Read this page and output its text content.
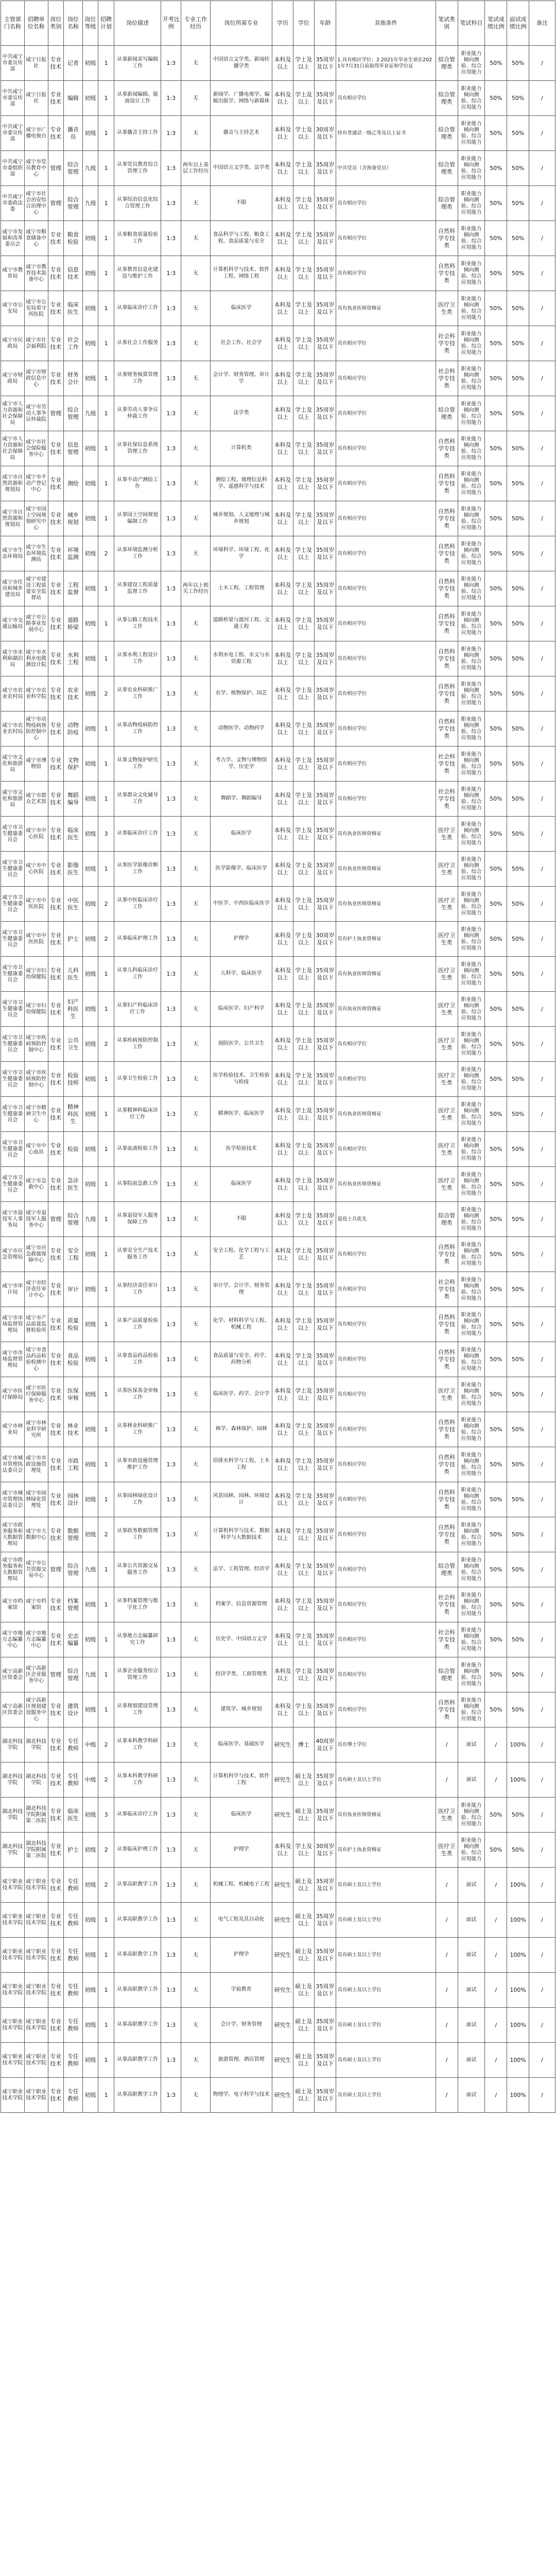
主管部门名称	招聘单位名称	岗位类别	岗位名称	岗位等级	招聘计划	岗位描述	开考比例	专业工作经历	岗位所需专业	学历	学位	年龄	其他条件	笔试类别	笔试科目	笔试成绩比例	面试成绩比例	备注
中共咸宁市委宣传部	咸宁日报社	专业技术	记者	初级	1	从事新闻采写编辑工作	1:3	无	中国语言文学类、新闻传播学类	本科及以上	学士及以上	35周岁及以下	1.具有相应学位；2.2021年毕业生须在2021年7月31日前取得毕业证和学位证	综合管理类	职业能力倾向测验、综合应用能力	50%	50%	/
中共咸宁市委宣传部	咸宁日报社	专业技术	编辑	初级	1	从事新闻编辑、版面设计工作	1:3	无	新闻学、广播电视学、编辑出版学、网络与新媒体	本科及以上	学士及以上	35周岁及以下	具有相应学位	综合管理类	职业能力倾向测验、综合应用能力	50%	50%	/
中共咸宁市委宣传部	咸宁市广播电视台	专业技术	播音员	初级	1	从事播音主持工作	1:3	无	播音与主持艺术	本科及以上	学士及以上	30周岁及以下	持有普通话一级乙等及以上证书	综合管理类	职业能力倾向测验、综合应用能力	50%	50%	/
中共咸宁市委组织部	咸宁市党员教育中心	管理	综合管理	九级	1	从事党员教育综合管理工作	1:3	两年以上基层工作经历	中国语言文学类、法学类	本科及以上	学士及以上	35周岁及以下	中共党员（含预备党员）	综合管理类	职业能力倾向测验、综合应用能力	50%	50%	/
中共咸宁市委政法委	咸宁市社会治安综合治理中心	管理	综合管理	九级	1	从事综治信息化综合管理工作	1:3	无	不限	本科及以上	学士及以上	35周岁及以下	具有相应学位	综合管理类	职业能力倾向测验、综合应用能力	50%	50%	/
咸宁市发展和改革委员会	咸宁市粮食储备中心	专业技术	粮食检验	初级	1	从事粮食质量检验工作	1:3	无	食品科学与工程、粮食工程、食品质量与安全	本科及以上	学士及以上	35周岁及以下	具有相应学位	自然科学专技类	职业能力倾向测验、综合应用能力	50%	50%	/
咸宁市教育局	咸宁市教育技术装备中心	专业技术	信息技术	初级	1	从事教育信息化建设与维护工作	1:3	无	计算机科学与技术、软件工程、网络工程	本科及以上	学士及以上	35周岁及以下	具有相应学位	自然科学专技类	职业能力倾向测验、综合应用能力	50%	50%	/
咸宁市公安局	咸宁市公安局看守所医院	专业技术	临床医生	初级	1	从事临床诊疗工作	1:3	无	临床医学	本科及以上	学士及以上	35周岁及以下	具有执业医师资格证	医疗卫生类	职业能力倾向测验、综合应用能力	50%	50%	/
咸宁市民政局	咸宁市社会福利院	专业技术	社会工作	初级	1	从事社会工作服务	1:3	无	社会工作、社会学	本科及以上	学士及以上	35周岁及以下	具有相应学位	社会科学专技类	职业能力倾向测验、综合应用能力	50%	50%	/
咸宁市财政局	咸宁市财政信息中心	专业技术	财务会计	初级	1	从事财务核算管理工作	1:3	无	会计学、财务管理、审计学	本科及以上	学士及以上	35周岁及以下	具有相应学位	社会科学专技类	职业能力倾向测验、综合应用能力	50%	50%	/
咸宁市人力资源和社会保障局	咸宁市劳动人事争议仲裁院	管理	综合管理	九级	1	从事劳动人事争议仲裁工作	1:3	无	法学类	本科及以上	学士及以上	35周岁及以下	具有相应学位	综合管理类	职业能力倾向测验、综合应用能力	50%	50%	/
咸宁市人力资源和社会保障局	咸宁市社会保险服务中心	专业技术	信息管理	初级	1	从事社保信息系统管理工作	1:3	无	计算机类	本科及以上	学士及以上	35周岁及以下	具有相应学位	自然科学专技类	职业能力倾向测验、综合应用能力	50%	50%	/
咸宁市自然资源和规划局	咸宁市不动产登记中心	专业技术	测绘	初级	1	从事不动产测绘工作	1:3	无	测绘工程、地理信息科学、遥感科学与技术	本科及以上	学士及以上	35周岁及以下	具有相应学位	自然科学专技类	职业能力倾向测验、综合应用能力	50%	50%	/
咸宁市自然资源和规划局	咸宁市国土空间规划研究中心	专业技术	城乡规划	初级	1	从事国土空间规划编制工作	1:3	无	城乡规划、人文地理与城乡规划	本科及以上	学士及以上	35周岁及以下	具有相应学位	自然科学专技类	职业能力倾向测验、综合应用能力	50%	50%	/
咸宁市生态环境局	咸宁市生态环境监测站	专业技术	环境监测	初级	2	从事环境监测分析工作	1:3	无	环境科学、环境工程、化学	本科及以上	学士及以上	35周岁及以下	具有相应学位	自然科学专技类	职业能力倾向测验、综合应用能力	50%	50%	/
咸宁市住房和城乡建设局	咸宁市建设工程质量安全监督站	专业技术	工程监督	初级	1	从事建设工程质量监督工作	1:3	两年以上相关工作经历	土木工程、工程管理	本科及以上	学士及以上	35周岁及以下	具有相应学位	自然科学专技类	职业能力倾向测验、综合应用能力	50%	50%	/
咸宁市交通运输局	咸宁市公路事业发展中心	专业技术	道路桥梁	初级	1	从事公路工程技术工作	1:3	无	道路桥梁与渡河工程、交通工程	本科及以上	学士及以上	35周岁及以下	具有相应学位	自然科学专技类	职业能力倾向测验、综合应用能力	50%	50%	/
咸宁市水利和湖泊局	咸宁市水利水电勘测设计院	专业技术	水利工程	初级	1	从事水利工程设计工作	1:3	无	水利水电工程、水文与水资源工程	本科及以上	学士及以上	35周岁及以下	具有相应学位	自然科学专技类	职业能力倾向测验、综合应用能力	50%	50%	/
咸宁市农业农村局	咸宁市农业科学院	专业技术	农业技术	初级	2	从事农业科研推广工作	1:3	无	农学、植物保护、园艺	本科及以上	学士及以上	35周岁及以下	具有相应学位	自然科学专技类	职业能力倾向测验、综合应用能力	50%	50%	/
咸宁市农业农村局	咸宁市动物疫病预防控制中心	专业技术	动物防疫	初级	1	从事动物疫病防控工作	1:3	无	动物医学、动物药学	本科及以上	学士及以上	35周岁及以下	具有相应学位	自然科学专技类	职业能力倾向测验、综合应用能力	50%	50%	/
咸宁市文化和旅游局	咸宁市博物馆	专业技术	文物保护	初级	1	从事文物保护研究工作	1:3	无	考古学、文物与博物馆学、历史学	本科及以上	学士及以上	35周岁及以下	具有相应学位	社会科学专技类	职业能力倾向测验、综合应用能力	50%	50%	/
咸宁市文化和旅游局	咸宁市群众艺术馆	专业技术	舞蹈编导	初级	1	从事群众文化辅导工作	1:3	无	舞蹈学、舞蹈编导	本科及以上	学士及以上	35周岁及以下	具有相应学位	社会科学专技类	职业能力倾向测验、综合应用能力	50%	50%	/
咸宁市卫生健康委员会	咸宁市中心医院	专业技术	临床医生	初级	3	从事临床诊疗工作	1:3	无	临床医学	本科及以上	学士及以上	35周岁及以下	具有执业医师资格证	医疗卫生类	职业能力倾向测验、综合应用能力	50%	50%	/
咸宁市卫生健康委员会	咸宁市中心医院	专业技术	影像医生	初级	1	从事医学影像诊断工作	1:3	无	医学影像学、临床医学	本科及以上	学士及以上	35周岁及以下	具有执业医师资格证	医疗卫生类	职业能力倾向测验、综合应用能力	50%	50%	/
咸宁市卫生健康委员会	咸宁市中医医院	专业技术	中医医生	初级	2	从事中医临床诊疗工作	1:3	无	中医学、中西医临床医学	本科及以上	学士及以上	35周岁及以下	具有执业医师资格证	医疗卫生类	职业能力倾向测验、综合应用能力	50%	50%	/
咸宁市卫生健康委员会	咸宁市中医医院	专业技术	护士	初级	2	从事临床护理工作	1:3	无	护理学	本科及以上	学士及以上	30周岁及以下	具有护士执业资格证	医疗卫生类	职业能力倾向测验、综合应用能力	50%	50%	/
咸宁市卫生健康委员会	咸宁市妇幼保健院	专业技术	儿科医生	初级	1	从事儿科临床诊疗工作	1:3	无	儿科学、临床医学	本科及以上	学士及以上	35周岁及以下	具有执业医师资格证	医疗卫生类	职业能力倾向测验、综合应用能力	50%	50%	/
咸宁市卫生健康委员会	咸宁市妇幼保健院	专业技术	妇产科医生	初级	1	从事妇产科临床诊疗工作	1:3	无	临床医学、妇产科学	本科及以上	学士及以上	35周岁及以下	具有执业医师资格证	医疗卫生类	职业能力倾向测验、综合应用能力	50%	50%	/
咸宁市卫生健康委员会	咸宁市疾病预防控制中心	专业技术	公共卫生	初级	2	从事疾病预防控制工作	1:3	无	预防医学、公共卫生	本科及以上	学士及以上	35周岁及以下	具有相应学位	医疗卫生类	职业能力倾向测验、综合应用能力	50%	50%	/
咸宁市卫生健康委员会	咸宁市疾病预防控制中心	专业技术	检验技师	初级	1	从事卫生检验工作	1:3	无	医学检验技术、卫生检验与检疫	本科及以上	学士及以上	35周岁及以下	具有相应学位	医疗卫生类	职业能力倾向测验、综合应用能力	50%	50%	/
咸宁市卫生健康委员会	咸宁市精神卫生中心	专业技术	精神科医生	初级	1	从事精神科临床诊疗工作	1:3	无	精神医学、临床医学	本科及以上	学士及以上	35周岁及以下	具有执业医师资格证	医疗卫生类	职业能力倾向测验、综合应用能力	50%	50%	/
咸宁市卫生健康委员会	咸宁市中心血站	专业技术	检验	初级	1	从事血液检验工作	1:3	无	医学检验技术	本科及以上	学士及以上	35周岁及以下	具有相应学位	医疗卫生类	职业能力倾向测验、综合应用能力	50%	50%	/
咸宁市卫生健康委员会	咸宁市急救中心	专业技术	急诊医生	初级	1	从事院前急救工作	1:3	无	临床医学	本科及以上	学士及以上	35周岁及以下	具有执业医师资格证	医疗卫生类	职业能力倾向测验、综合应用能力	50%	50%	/
咸宁市退役军人事务局	咸宁市退役军人服务中心	管理	综合管理	九级	1	从事退役军人服务保障工作	1:3	无	不限	本科及以上	学士及以上	35周岁及以下	退役士兵优先	综合管理类	职业能力倾向测验、综合应用能力	50%	50%	/
咸宁市应急管理局	咸宁市应急救援保障中心	专业技术	安全工程	初级	1	从事安全生产技术服务工作	1:3	无	安全工程、化学工程与工艺	本科及以上	学士及以上	35周岁及以下	具有相应学位	自然科学专技类	职业能力倾向测验、综合应用能力	50%	50%	/
咸宁市审计局	咸宁市经济责任审计中心	专业技术	审计	初级	1	从事经济责任审计工作	1:3	无	审计学、会计学、财务管理	本科及以上	学士及以上	35周岁及以下	具有相应学位	社会科学专技类	职业能力倾向测验、综合应用能力	50%	50%	/
咸宁市市场监督管理局	咸宁市产品质量监督检验所	专业技术	质量检验	初级	1	从事产品质量检验工作	1:3	无	化学、材料科学与工程、机械工程	本科及以上	学士及以上	35周岁及以下	具有相应学位	自然科学专技类	职业能力倾向测验、综合应用能力	50%	50%	/
咸宁市市场监督管理局	咸宁市食品药品检验检测中心	专业技术	食品检验	初级	1	从事食品药品检验工作	1:3	无	食品质量与安全、药学、药物分析	本科及以上	学士及以上	35周岁及以下	具有相应学位	自然科学专技类	职业能力倾向测验、综合应用能力	50%	50%	/
咸宁市医疗保障局	咸宁市医疗保障服务中心	专业技术	医保审核	初级	1	从事医保基金审核工作	1:3	无	临床医学、药学、会计学	本科及以上	学士及以上	35周岁及以下	具有相应学位	医疗卫生类	职业能力倾向测验、综合应用能力	50%	50%	/
咸宁市林业局	咸宁市林业科学研究所	专业技术	林业技术	初级	1	从事林业科研推广工作	1:3	无	林学、森林保护、园林	本科及以上	学士及以上	35周岁及以下	具有相应学位	自然科学专技类	职业能力倾向测验、综合应用能力	50%	50%	/
咸宁市城市管理执法委员会	咸宁市市政设施管理处	专业技术	市政工程	初级	1	从事市政设施管理维护工作	1:3	无	给排水科学与工程、土木工程	本科及以上	学士及以上	35周岁及以下	具有相应学位	自然科学专技类	职业能力倾向测验、综合应用能力	50%	50%	/
咸宁市城市管理执法委员会	咸宁市园林绿化管理处	专业技术	园林设计	初级	1	从事园林绿化设计工作	1:3	无	风景园林、园林、环境设计	本科及以上	学士及以上	35周岁及以下	具有相应学位	自然科学专技类	职业能力倾向测验、综合应用能力	50%	50%	/
咸宁市政务服务和大数据管理局	咸宁市大数据中心	专业技术	数据管理	初级	2	从事政务数据管理工作	1:3	无	计算机科学与技术、数据科学与大数据技术	本科及以上	学士及以上	35周岁及以下	具有相应学位	自然科学专技类	职业能力倾向测验、综合应用能力	50%	50%	/
咸宁市政务服务和大数据管理局	咸宁市公共资源交易中心	管理	综合管理	九级	1	从事公共资源交易服务工作	1:3	无	法学、工程管理、经济学	本科及以上	学士及以上	35周岁及以下	具有相应学位	综合管理类	职业能力倾向测验、综合应用能力	50%	50%	/
咸宁市档案馆	咸宁市档案馆	专业技术	档案管理	初级	1	从事档案管理与数字化工作	1:3	无	档案学、信息资源管理	本科及以上	学士及以上	35周岁及以下	具有相应学位	社会科学专技类	职业能力倾向测验、综合应用能力	50%	50%	/
咸宁市地方志编纂中心	咸宁市地方志编纂中心	专业技术	史志编纂	初级	1	从事地方志编纂研究工作	1:3	无	历史学、中国语言文学	本科及以上	学士及以上	35周岁及以下	具有相应学位	社会科学专技类	职业能力倾向测验、综合应用能力	50%	50%	/
咸宁高新区管委会	咸宁高新区企业服务中心	管理	综合管理	九级	1	从事企业服务综合管理工作	1:3	无	经济学类、工商管理类	本科及以上	学士及以上	35周岁及以下	具有相应学位	综合管理类	职业能力倾向测验、综合应用能力	50%	50%	/
咸宁高新区管委会	咸宁高新区规划建设服务中心	专业技术	建筑设计	初级	1	从事规划建设管理工作	1:3	无	建筑学、城乡规划	本科及以上	学士及以上	35周岁及以下	具有相应学位	自然科学专技类	职业能力倾向测验、综合应用能力	50%	50%	/
湖北科技学院	湖北科技学院	专业技术	专任教师	中级	2	从事本科教学科研工作	1:3	无	临床医学、基础医学	研究生	博士	40周岁及以下	具有博士学位	/	面试	/	100%	/
湖北科技学院	湖北科技学院	专业技术	专任教师	中级	2	从事本科教学科研工作	1:3	无	计算机科学与技术、软件工程	研究生	硕士及以上	35周岁及以下	具有硕士及以上学位	/	面试	/	100%	/
湖北科技学院	湖北科技学院附属第二医院	专业技术	临床医生	初级	3	从事临床诊疗工作	1:3	无	临床医学	研究生	硕士及以上	35周岁及以下	具有执业医师资格证	医疗卫生类	职业能力倾向测验、综合应用能力	50%	50%	/
湖北科技学院	湖北科技学院附属第二医院	专业技术	护士	初级	2	从事临床护理工作	1:3	无	护理学	本科及以上	学士及以上	30周岁及以下	具有护士执业资格证	医疗卫生类	职业能力倾向测验、综合应用能力	50%	50%	/
咸宁职业技术学院	咸宁职业技术学院	专业技术	专任教师	初级	2	从事高职教学工作	1:3	无	机械工程、机械电子工程	研究生	硕士及以上	35周岁及以下	具有硕士及以上学位	/	面试	/	100%	/
咸宁职业技术学院	咸宁职业技术学院	专业技术	专任教师	初级	1	从事高职教学工作	1:3	无	电气工程及其自动化	研究生	硕士及以上	35周岁及以下	具有硕士及以上学位	/	面试	/	100%	/
咸宁职业技术学院	咸宁职业技术学院	专业技术	专任教师	初级	1	从事高职教学工作	1:3	无	护理学	研究生	硕士及以上	35周岁及以下	具有硕士及以上学位	/	面试	/	100%	/
咸宁职业技术学院	咸宁职业技术学院	专业技术	专任教师	初级	1	从事高职教学工作	1:3	无	学前教育	研究生	硕士及以上	35周岁及以下	具有硕士及以上学位	/	面试	/	100%	/
咸宁职业技术学院	咸宁职业技术学院	专业技术	专任教师	初级	1	从事高职教学工作	1:3	无	会计学、财务管理	研究生	硕士及以上	35周岁及以下	具有硕士及以上学位	/	面试	/	100%	/
咸宁职业技术学院	咸宁职业技术学院	专业技术	专任教师	初级	1	从事高职教学工作	1:3	无	旅游管理、酒店管理	研究生	硕士及以上	35周岁及以下	具有硕士及以上学位	/	面试	/	100%	/
咸宁职业技术学院	咸宁职业技术学院	专业技术	专任教师	初级	1	从事高职教学工作	1:3	无	物理学、电子科学与技术	研究生	硕士及以上	35周岁及以下	具有硕士及以上学位	/	面试	/	100%	/
